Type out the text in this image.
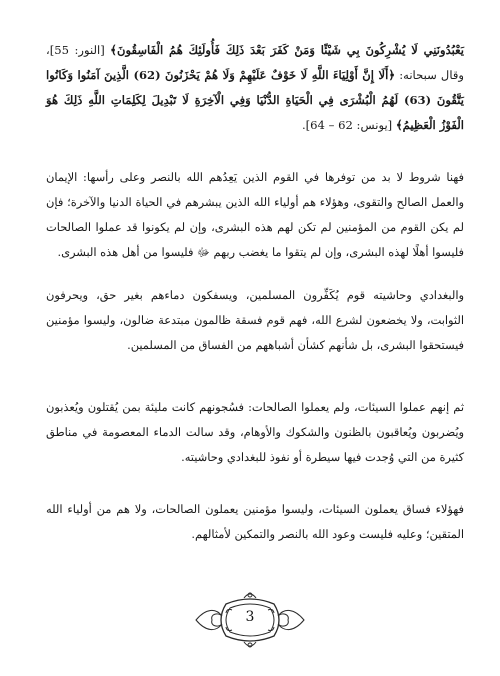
يَعْبُدُونَنِي لَا يُشْرِكُونَ بِي شَيْئًا وَمَنْ كَفَرَ بَعْدَ ذَلِكَ فَأُولَئِكَ هُمُ الْفَاسِقُونَ﴾ [النور: 55]، وقال سبحانه: ﴿أَلَا إِنَّ أَوْلِيَاءَ اللَّهِ لَا خَوْفٌ عَلَيْهِمْ وَلَا هُمْ يَحْزَنُونَ (62) الَّذِينَ آمَنُوا وَكَانُوا يَتَّقُونَ (63) لَهُمُ الْبُشْرَى فِي الْحَيَاةِ الدُّنْيَا وَفِي الْآخِرَةِ لَا تَبْدِيلَ لِكَلِمَاتِ اللَّهِ ذَلِكَ هُوَ الْفَوْزُ الْعَظِيمُ﴾ [يونس: 62 – 64].

فهنا شروط لا بد من توفرها في القوم الذين يَعِدُهم الله بالنصر وعلى رأسها: الإيمان والعمل الصالح والتقوى، وهؤلاء هم أولياء الله الذين يبشرهم في الحياة الدنيا والآخرة؛ فإن لم يكن القوم من المؤمنين لم تكن لهم هذه البشرى، وإن لم يكونوا قد عملوا الصالحات فليسوا أهلًا لهذه البشرى، وإن لم يتقوا ما يغضب ربهم ﷻ فليسوا من أهل هذه البشرى.

والبغدادي وحاشيته قوم يُكَفِّرون المسلمين، ويسفكون دماءهم بغير حق، ويحرفون الثوابت، ولا يخضعون لشرع الله، فهم قوم فسقة ظالمون مبتدعة ضالون، وليسوا مؤمنين فيستحقوا البشرى، بل شأنهم كشأن أشباههم من الفساق من المسلمين.

ثم إنهم عملوا السيئات، ولم يعملوا الصالحات: فسُجونهم كانت مليئة بمن يُقتلون ويُعذبون ويُضربون ويُعاقبون بالظنون والشكوك والأوهام، وقد سالت الدماء المعصومة في مناطق كثيرة من التي وُجدت فيها سيطرة أو نفوذ للبغدادي وحاشيته.

فهؤلاء فساق يعملون السيئات، وليسوا مؤمنين يعملون الصالحات، ولا هم من أولياء الله المتقين؛ وعليه فليست وعود الله بالنصر والتمكين لأمثالهم.

3
